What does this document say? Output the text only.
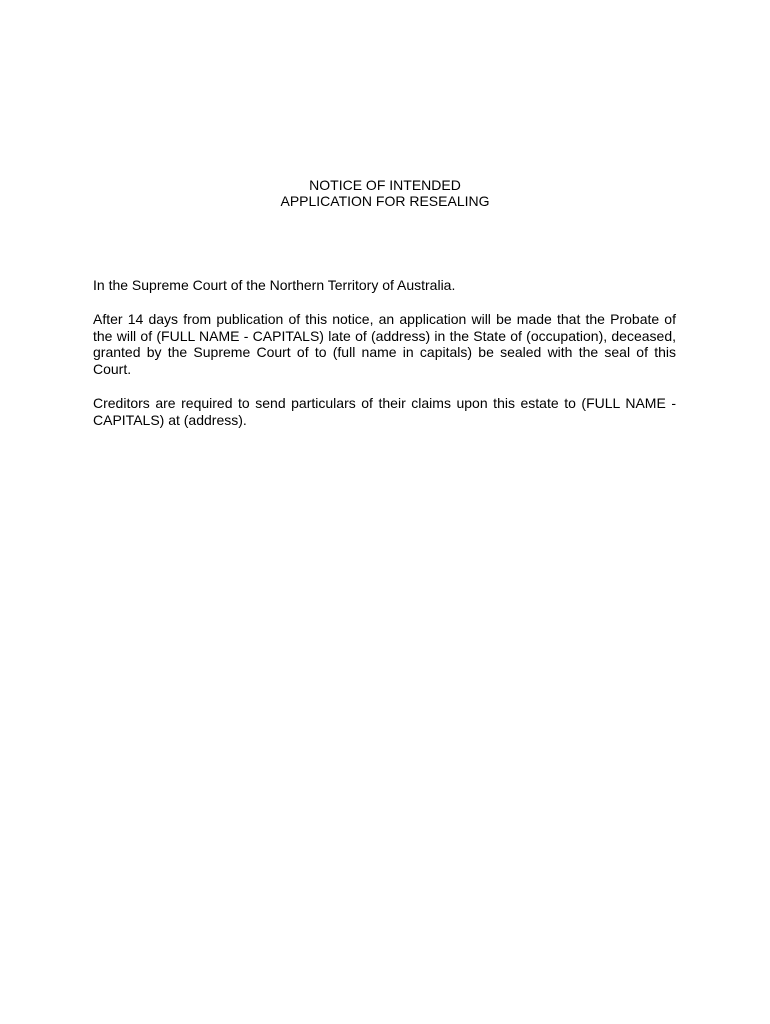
NOTICE OF INTENDED
APPLICATION FOR RESEALING

In the Supreme Court of the Northern Territory of Australia.

After 14 days from publication of this notice, an application will be made that the Probate of the will of (FULL NAME - CAPITALS) late of (address) in the State of (occupation), deceased, granted by the Supreme Court of to (full name in capitals) be sealed with the seal of this Court.

Creditors are required to send particulars of their claims upon this estate to (FULL NAME - CAPITALS) at (address).
